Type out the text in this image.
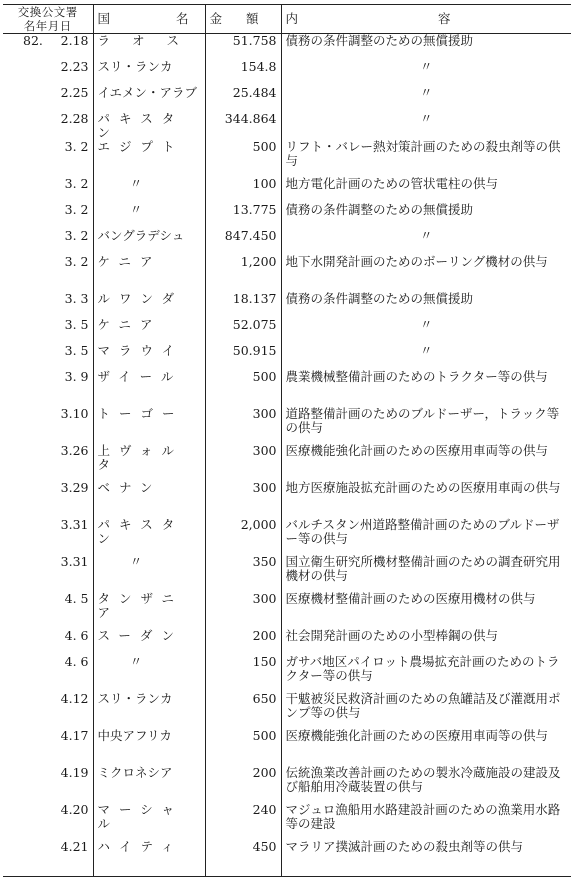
交換公文署
名年月日	国 名	金 額	内 容

82. 2.18	ラ オ ス	51.758	債務の条件調整のための無償援助
2.23	スリ・ランカ	154.8	〃
2.25	イエメン・アラブ	25.484	〃
2.28	パキスタン	344.864	〃
3. 2	エジプト	500	リフト・バレー熱対策計画のための殺虫剤等の供与
3. 2	〃	100	地方電化計画のための管状電柱の供与
3. 2	〃	13.775	債務の条件調整のための無償援助
3. 2	バングラデシュ	847.450	〃
3. 2	ケニア	1,200	地下水開発計画のためのボーリング機材の供与
3. 3	ルワンダ	18.137	債務の条件調整のための無償援助
3. 5	ケニア	52.075	〃
3. 5	マラウイ	50.915	〃
3. 9	ザイール	500	農業機械整備計画のためのトラクター等の供与
3.10	トーゴー	300	道路整備計画のためのブルドーザー，トラック等の供与
3.26	上ヴォルタ	300	医療機能強化計画のための医療用車両等の供与
3.29	ベナン	300	地方医療施設拡充計画のための医療用車両の供与
3.31	パキスタン	2,000	バルチスタン州道路整備計画のためのブルドーザー等の供与
3.31	〃	350	国立衛生研究所機材整備計画のための調査研究用機材の供与
4. 5	タンザニア	300	医療機材整備計画のための医療用機材の供与
4. 6	スーダン	200	社会開発計画のための小型棒鋼の供与
4. 6	〃	150	ガサバ地区パイロット農場拡充計画のためのトラクター等の供与
4.12	スリ・ランカ	650	干魃被災民救済計画のための魚罐詰及び灌漑用ポンプ等の供与
4.17	中央アフリカ	500	医療機能強化計画のための医療用車両等の供与
4.19	ミクロネシア	200	伝統漁業改善計画のための製氷冷蔵施設の建設及び船舶用冷蔵装置の供与
4.20	マーシャル	240	マジュロ漁船用水路建設計画のための漁業用水路等の建設
4.21	ハイティ	450	マラリア撲滅計画のための殺虫剤等の供与
